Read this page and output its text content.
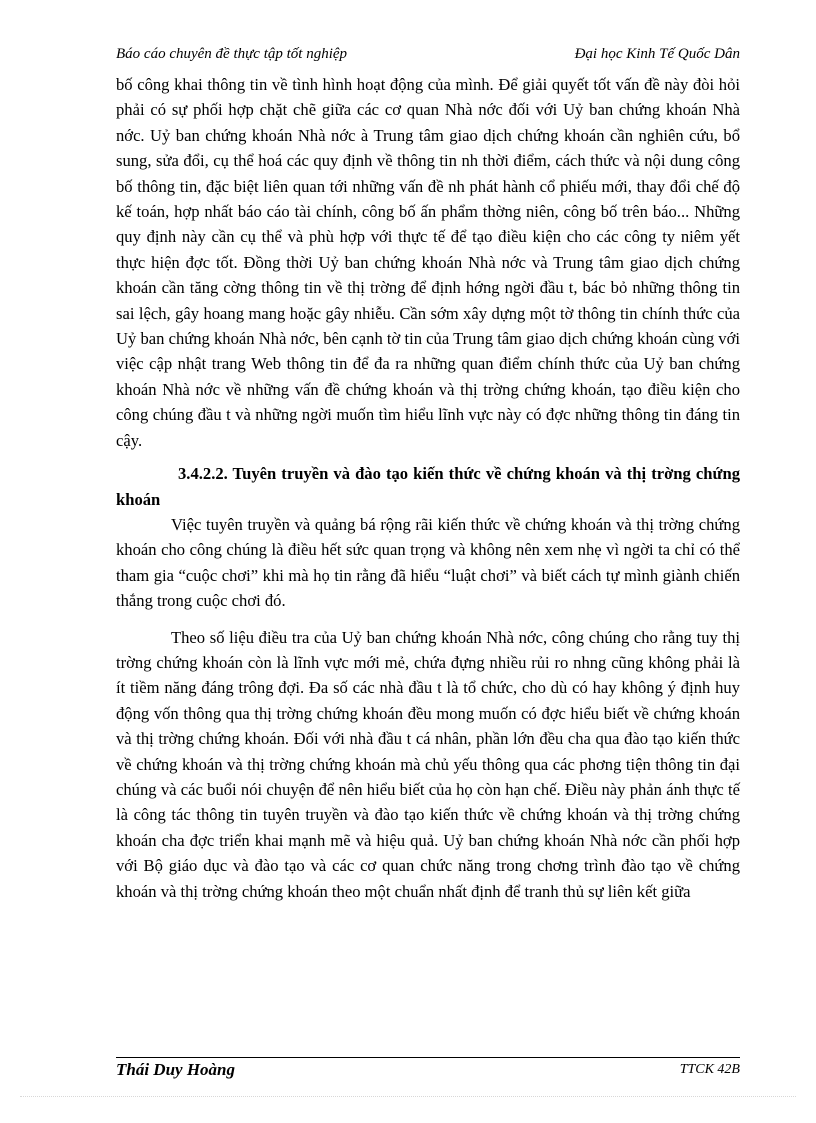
Báo cáo chuyên đề thực tập tốt nghiệp	Đại học Kinh Tế Quốc Dân

bố công khai thông tin về tình hình hoạt động của mình. Để giải quyết tốt vấn đề này đòi hỏi phải có sự phối hợp chặt chẽ giữa các cơ quan Nhà nớc đối với Uỷ ban chứng khoán Nhà nớc. Uỷ ban chứng khoán Nhà nớc à Trung tâm giao dịch chứng khoán cần nghiên cứu, bổ sung, sửa đổi, cụ thể hoá các quy định về thông tin nh thời điểm, cách thức và nội dung công bố thông tin, đặc biệt liên quan tới những vấn đề nh phát hành cổ phiếu mới, thay đổi chế độ kế toán, hợp nhất báo cáo tài chính, công bố ấn phẩm thờng niên, công bố trên báo... Những quy định này cần cụ thể và phù hợp với thực tế để tạo điều kiện cho các công ty niêm yết thực hiện đợc tốt. Đồng thời Uỷ ban chứng khoán Nhà nớc và Trung tâm giao dịch chứng khoán cần tăng cờng thông tin về thị trờng để định hớng ngời đầu t, bác bỏ những thông tin sai lệch, gây hoang mang hoặc gây nhiễu. Cần sớm xây dựng một tờ thông tin chính thức của Uỷ ban chứng khoán Nhà nớc, bên cạnh tờ tin của Trung tâm giao dịch chứng khoán cùng với việc cập nhật trang Web thông tin để đa ra những quan điểm chính thức của Uỷ ban chứng khoán Nhà nớc về những vấn đề chứng khoán và thị trờng chứng khoán, tạo điều kiện cho công chúng đầu t và những ngời muốn tìm hiểu lĩnh vực này có đợc những thông tin đáng tin cậy.

3.4.2.2. Tuyên truyền và đào tạo kiến thức về chứng khoán và thị trờng chứng khoán

Việc tuyên truyền và quảng bá rộng rãi kiến thức về chứng khoán và thị trờng chứng khoán cho công chúng là điều hết sức quan trọng và không nên xem nhẹ vì ngời ta chỉ có thể tham gia “cuộc chơi” khi mà họ tin rằng đã hiểu “luật chơi” và biết cách tự mình giành chiến thắng trong cuộc chơi đó.

Theo số liệu điều tra của Uỷ ban chứng khoán Nhà nớc, công chúng cho rằng tuy thị trờng chứng khoán còn là lĩnh vực mới mẻ, chứa đựng nhiều rủi ro nhng cũng không phải là ít tiềm năng đáng trông đợi. Đa số các nhà đầu t là tổ chức, cho dù có hay không ý định huy động vốn thông qua thị trờng chứng khoán đều mong muốn có đợc hiểu biết về chứng khoán và thị trờng chứng khoán. Đối với nhà đầu t cá nhân, phần lớn đều cha qua đào tạo kiến thức về chứng khoán và thị trờng chứng khoán mà chủ yếu thông qua các phơng tiện thông tin đại chúng và các buổi nói chuyện để nên hiểu biết của họ còn hạn chế. Điều này phản ánh thực tế là công tác thông tin tuyên truyền và đào tạo kiến thức về chứng khoán và thị trờng chứng khoán cha đợc triển khai mạnh mẽ và hiệu quả. Uỷ ban chứng khoán Nhà nớc cần phối hợp với Bộ giáo dục và đào tạo và các cơ quan chức năng trong chơng trình đào tạo về chứng khoán và thị trờng chứng khoán theo một chuẩn nhất định để tranh thủ sự liên kết giữa

Thái Duy Hoàng	TTCK 42B
